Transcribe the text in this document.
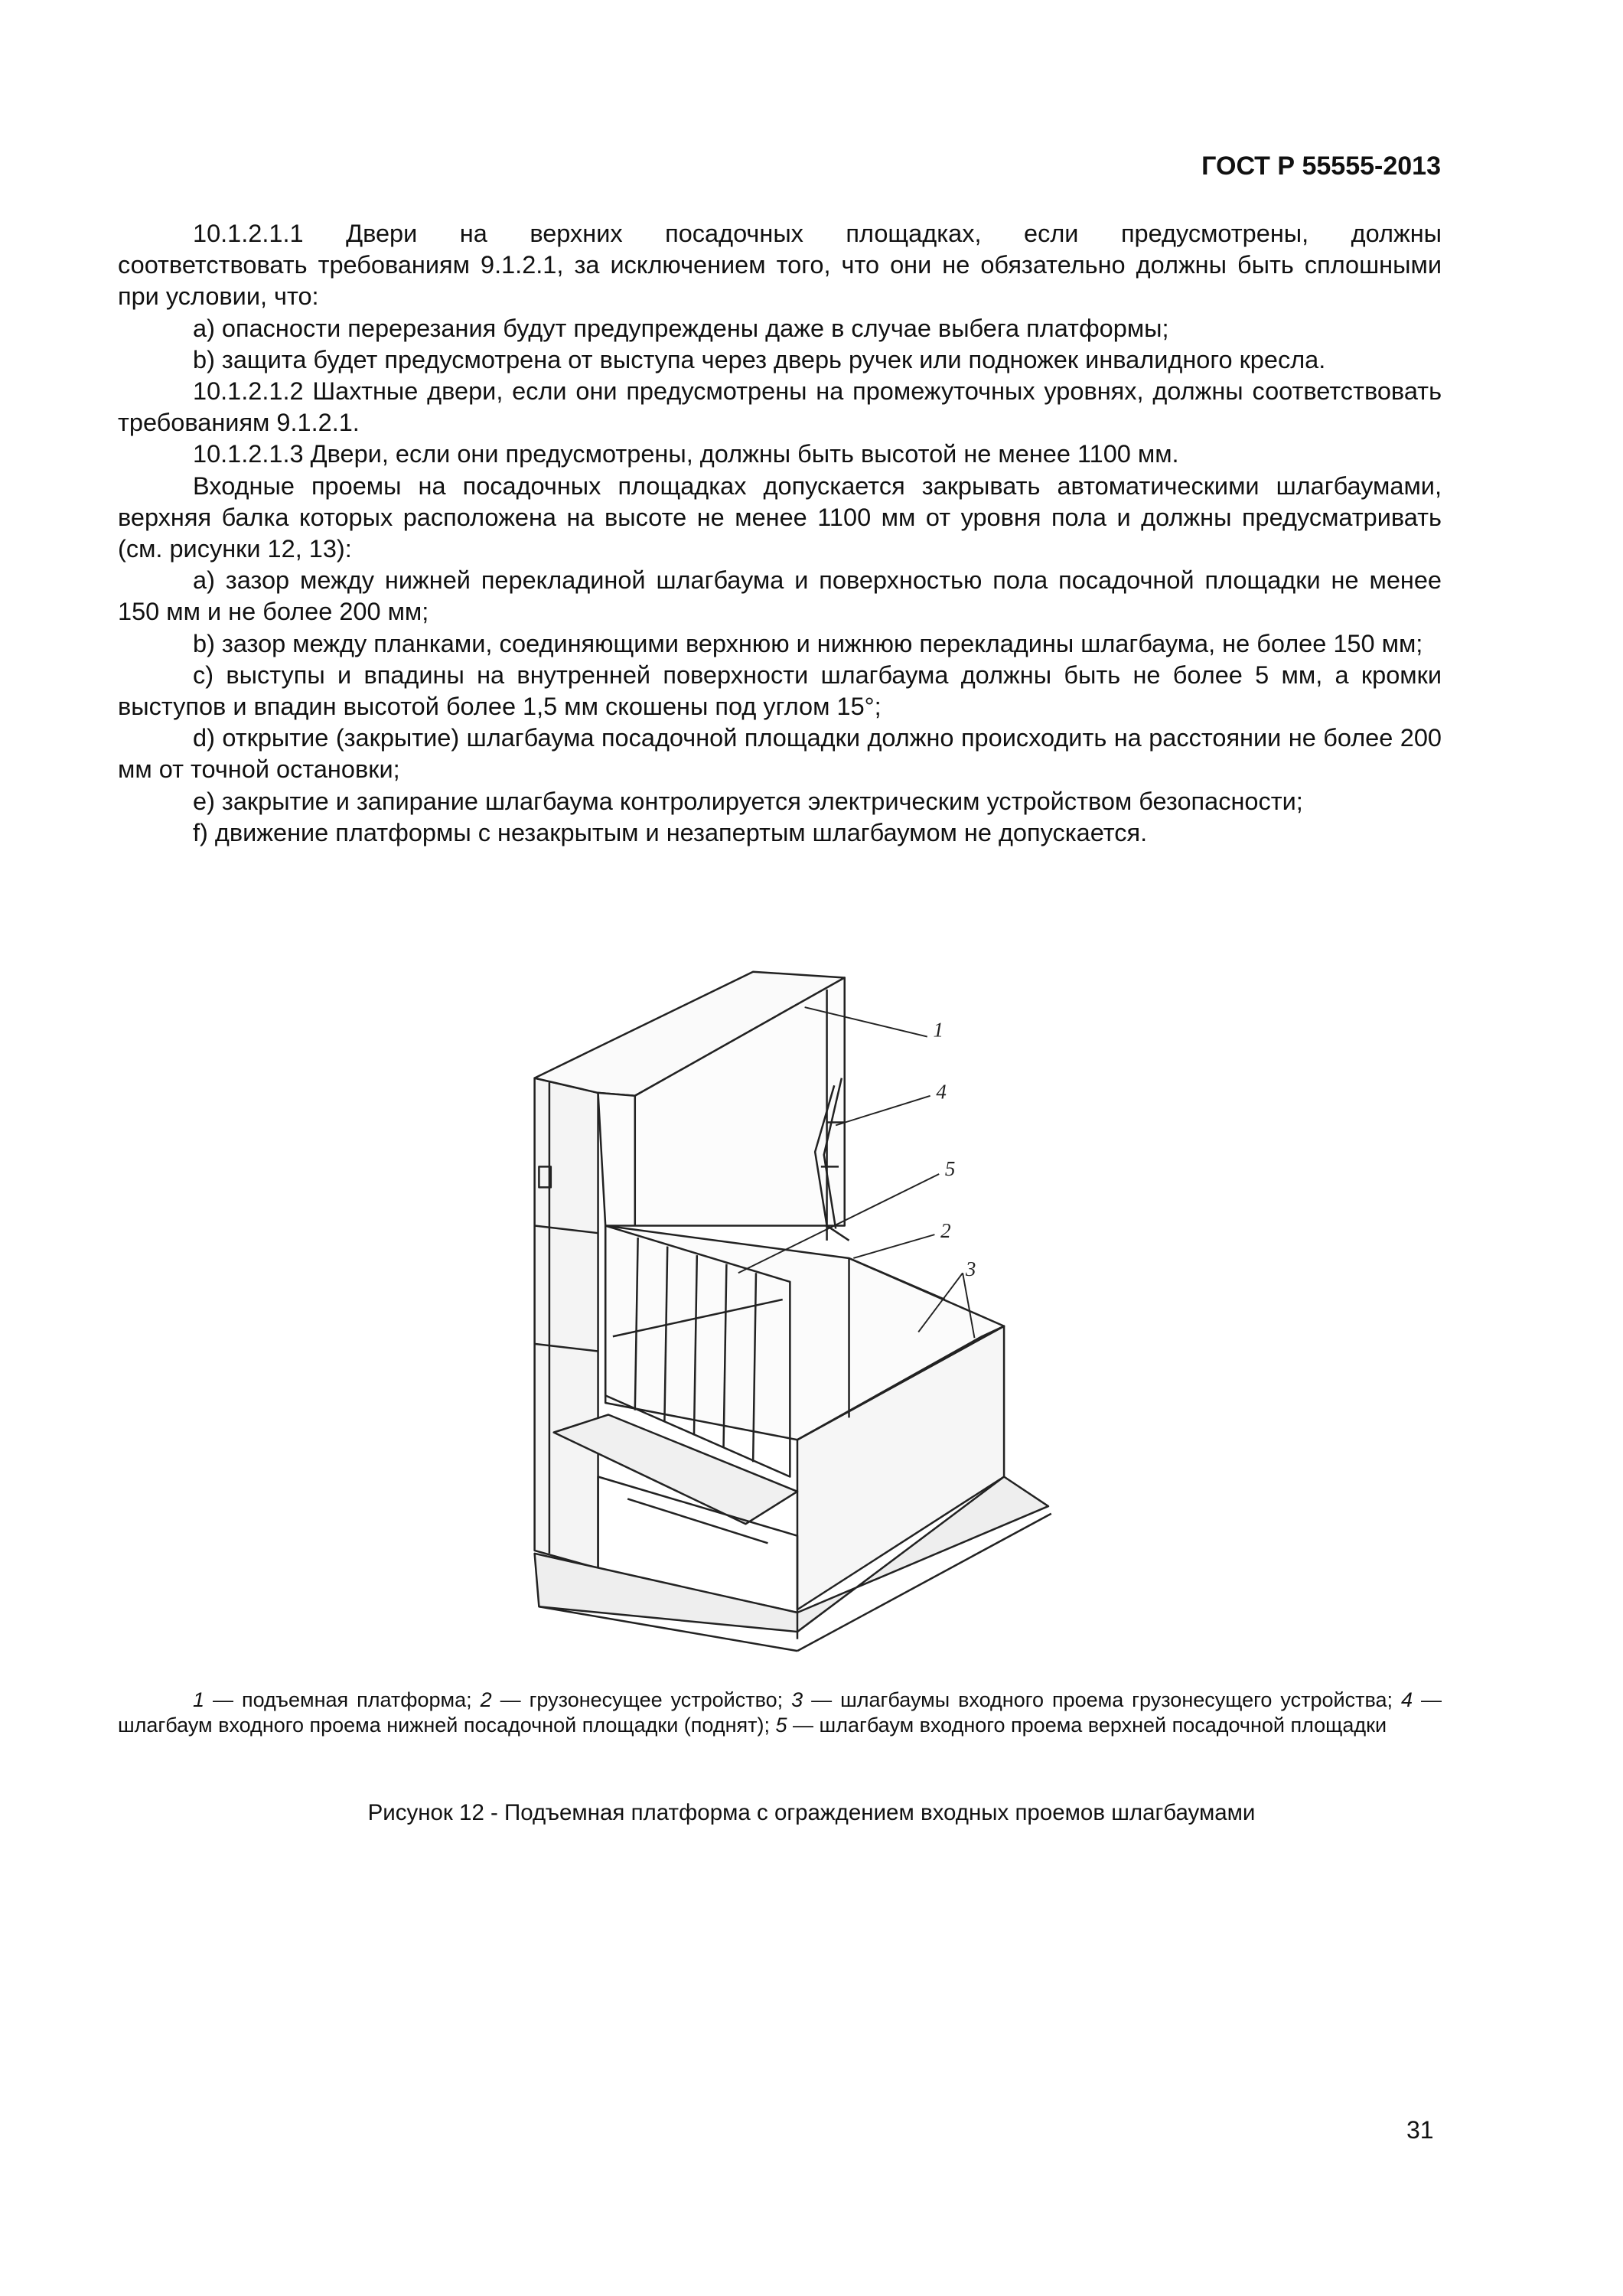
ГОСТ Р 55555-2013

10.1.2.1.1 Двери на верхних посадочных площадках, если предусмотрены, должны

соответствовать требованиям 9.1.2.1, за исключением того, что они не обязательно должны быть сплошными при условии, что:

a) опасности перерезания будут предупреждены даже в случае выбега платформы;

b) защита будет предусмотрена от выступа через дверь ручек или подножек инвалидного кресла.

10.1.2.1.2 Шахтные двери, если они предусмотрены на промежуточных уровнях, должны соответствовать требованиям 9.1.2.1.

10.1.2.1.3 Двери, если они предусмотрены, должны быть высотой не менее 1100 мм.

Входные проемы на посадочных площадках допускается закрывать автоматическими шлагбаумами, верхняя балка которых расположена на высоте не менее 1100 мм от уровня пола и должны предусматривать (см. рисунки 12, 13):

a) зазор между нижней перекладиной шлагбаума и поверхностью пола посадочной площадки не менее 150 мм и не более 200 мм;

b) зазор между планками, соединяющими верхнюю и нижнюю перекладины шлагбаума, не более 150 мм;

c) выступы и впадины на внутренней поверхности шлагбаума должны быть не более 5 мм, а кромки выступов и впадин высотой более 1,5 мм скошены под углом 15°;

d) открытие (закрытие) шлагбаума посадочной площадки должно происходить на расстоянии не более 200 мм от точной остановки;

e) закрытие и запирание шлагбаума контролируется электрическим устройством безопасности;

f) движение платформы с незакрытым и незапертым шлагбаумом не допускается.

1
4
5
2
3

1 — подъемная платформа; 2 — грузонесущее устройство; 3 — шлагбаумы входного проема грузонесущего устройства; 4 — шлагбаум входного проема нижней посадочной площадки (поднят); 5 — шлагбаум входного проема верхней посадочной площадки

Рисунок 12 - Подъемная платформа с ограждением входных проемов шлагбаумами
31
